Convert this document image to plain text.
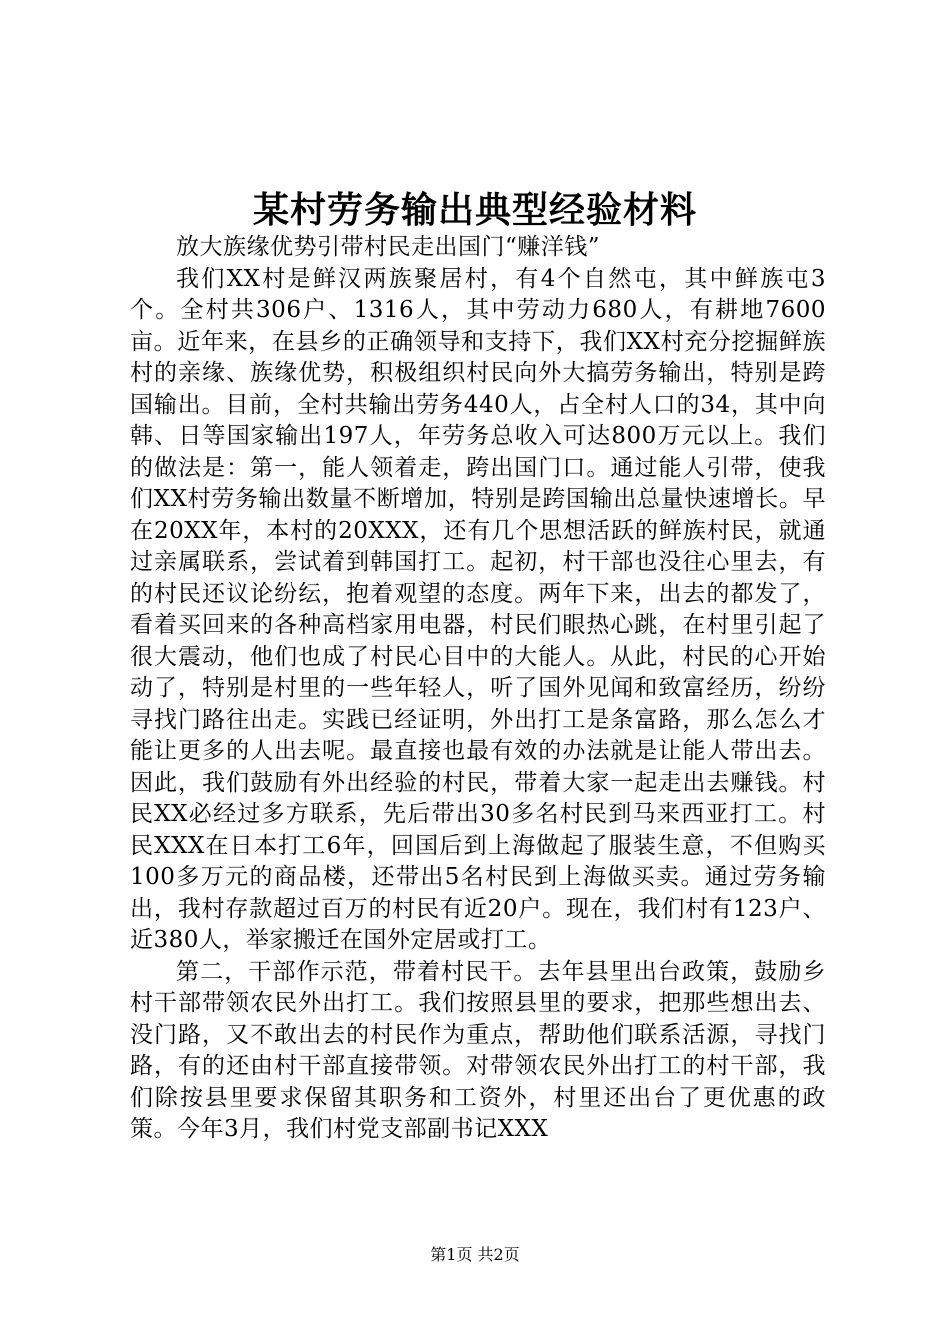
某村劳务输出典型经验材料

放大族缘优势引带村民走出国门“赚洋钱”

我们XX村是鲜汉两族聚居村，有4个自然屯，其中鲜族屯3个。全村共306户、1316人，其中劳动力680人，有耕地7600亩。近年来，在县乡的正确领导和支持下，我们XX村充分挖掘鲜族村的亲缘、族缘优势，积极组织村民向外大搞劳务输出，特别是跨国输出。目前，全村共输出劳务440人，占全村人口的34，其中向韩、日等国家输出197人，年劳务总收入可达800万元以上。我们的做法是：第一，能人领着走，跨出国门口。通过能人引带，使我们XX村劳务输出数量不断增加，特别是跨国输出总量快速增长。早在20XX年，本村的20XXX，还有几个思想活跃的鲜族村民，就通过亲属联系，尝试着到韩国打工。起初，村干部也没往心里去，有的村民还议论纷纭，抱着观望的态度。两年下来，出去的都发了，看着买回来的各种高档家用电器，村民们眼热心跳，在村里引起了很大震动，他们也成了村民心目中的大能人。从此，村民的心开始动了，特别是村里的一些年轻人，听了国外见闻和致富经历，纷纷寻找门路往出走。实践已经证明，外出打工是条富路，那么怎么才能让更多的人出去呢。最直接也最有效的办法就是让能人带出去。因此，我们鼓励有外出经验的村民，带着大家一起走出去赚钱。村民XX必经过多方联系，先后带出30多名村民到马来西亚打工。村民XXX在日本打工6年，回国后到上海做起了服装生意，不但购买100多万元的商品楼，还带出5名村民到上海做买卖。通过劳务输出，我村存款超过百万的村民有近20户。现在，我们村有123户、近380人，举家搬迁在国外定居或打工。

第二，干部作示范，带着村民干。去年县里出台政策，鼓励乡村干部带领农民外出打工。我们按照县里的要求，把那些想出去、没门路，又不敢出去的村民作为重点，帮助他们联系活源，寻找门路，有的还由村干部直接带领。对带领农民外出打工的村干部，我们除按县里要求保留其职务和工资外，村里还出台了更优惠的政策。今年3月，我们村党支部副书记XXX

第1页 共2页
